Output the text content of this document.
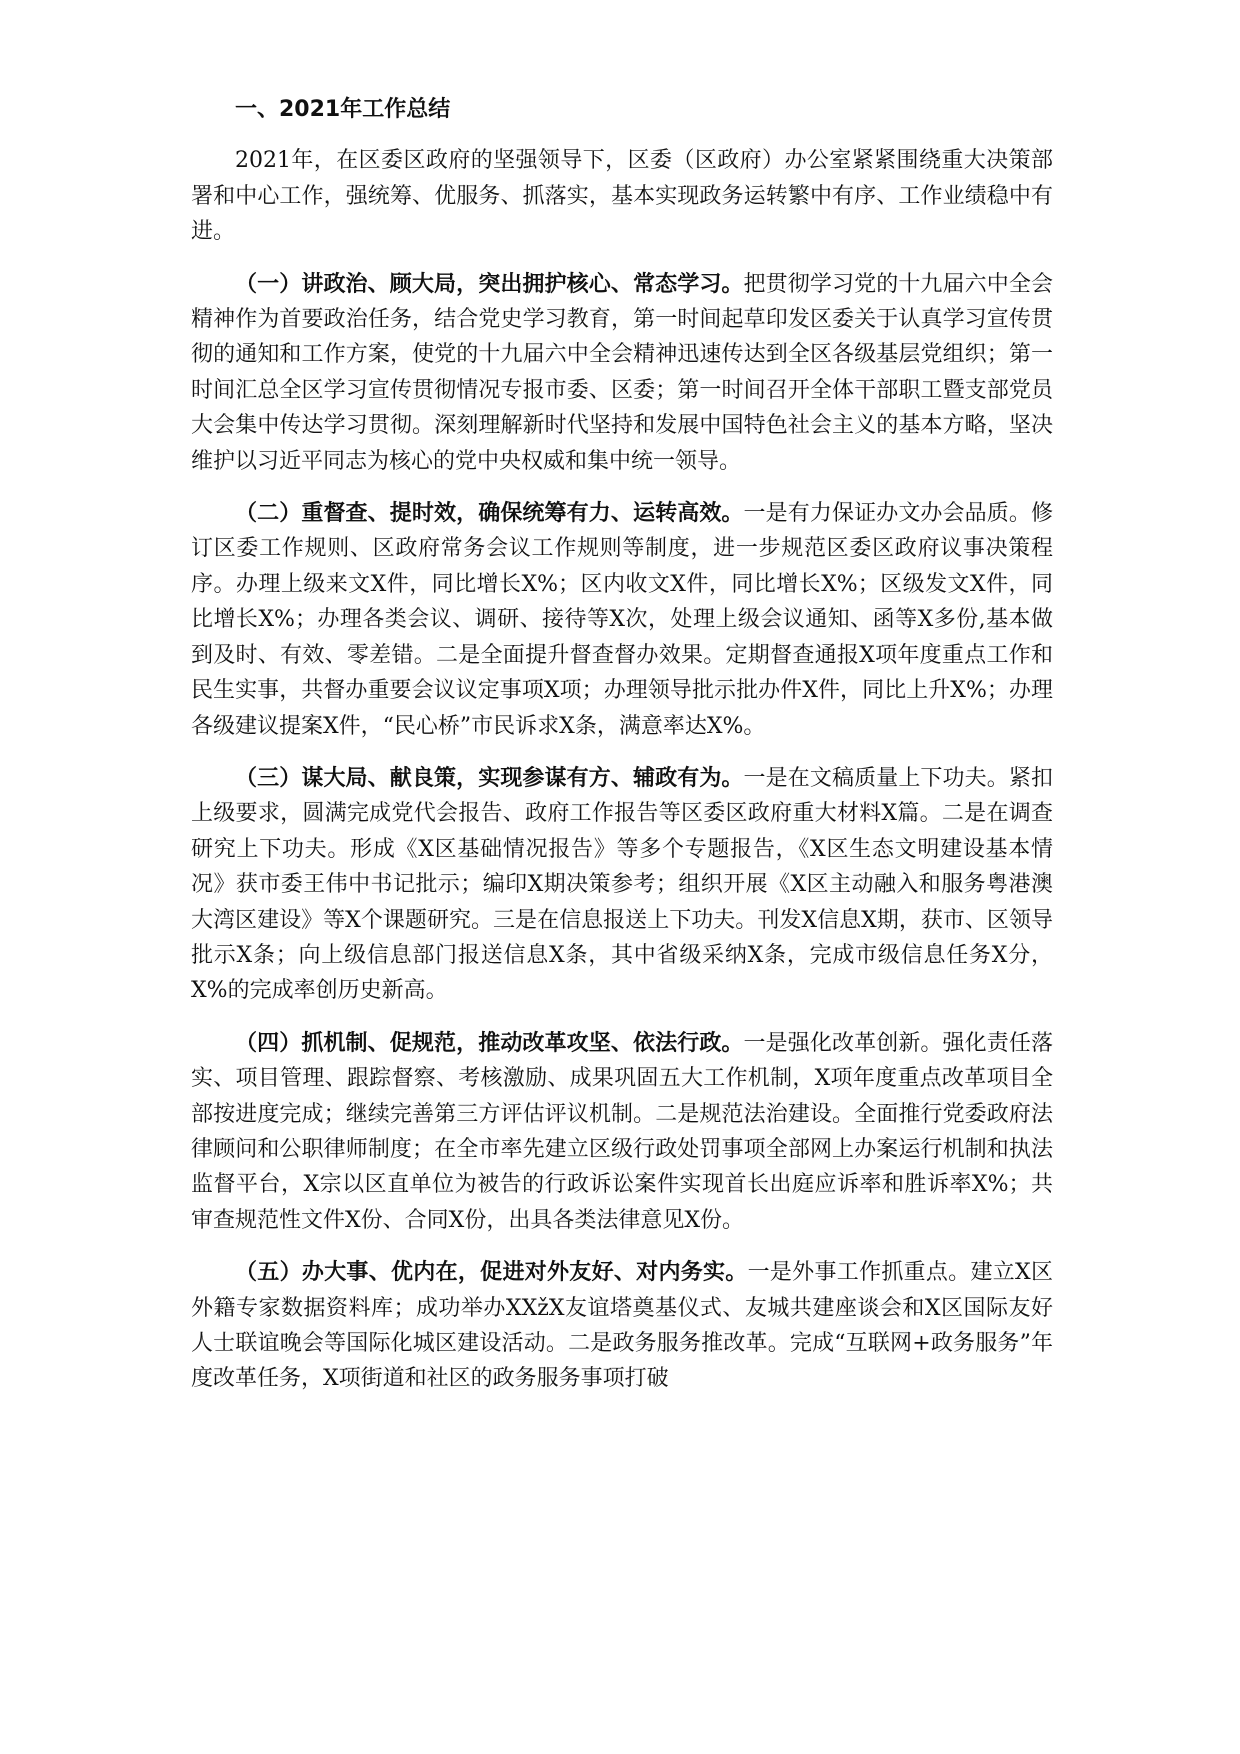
一、2021年工作总结

2021年，在区委区政府的坚强领导下，区委（区政府）办公室紧紧围绕重大决策部署和中心工作，强统筹、优服务、抓落实，基本实现政务运转繁中有序、工作业绩稳中有进。

（一）讲政治、顾大局，突出拥护核心、常态学习。把贯彻学习党的十九届六中全会精神作为首要政治任务，结合党史学习教育，第一时间起草印发区委关于认真学习宣传贯彻的通知和工作方案，使党的十九届六中全会精神迅速传达到全区各级基层党组织；第一时间汇总全区学习宣传贯彻情况专报市委、区委；第一时间召开全体干部职工暨支部党员大会集中传达学习贯彻。深刻理解新时代坚持和发展中国特色社会主义的基本方略，坚决维护以习近平同志为核心的党中央权威和集中统一领导。

（二）重督查、提时效，确保统筹有力、运转高效。一是有力保证办文办会品质。修订区委工作规则、区政府常务会议工作规则等制度，进一步规范区委区政府议事决策程序。办理上级来文X件，同比增长X%；区内收文X件，同比增长X%；区级发文X件，同比增长X%；办理各类会议、调研、接待等X次，处理上级会议通知、函等X多份,基本做到及时、有效、零差错。二是全面提升督查督办效果。定期督查通报X项年度重点工作和民生实事，共督办重要会议议定事项X项；办理领导批示批办件X件，同比上升X%；办理各级建议提案X件，“民心桥”市民诉求X条，满意率达X%。

（三）谋大局、献良策，实现参谋有方、辅政有为。一是在文稿质量上下功夫。紧扣上级要求，圆满完成党代会报告、政府工作报告等区委区政府重大材料X篇。二是在调查研究上下功夫。形成《X区基础情况报告》等多个专题报告，《X区生态文明建设基本情况》获市委王伟中书记批示；编印X期决策参考；组织开展《X区主动融入和服务粤港澳大湾区建设》等X个课题研究。三是在信息报送上下功夫。刊发X信息X期，获市、区领导批示X条；向上级信息部门报送信息X条，其中省级采纳X条，完成市级信息任务X分，X%的完成率创历史新高。

（四）抓机制、促规范，推动改革攻坚、依法行政。一是强化改革创新。强化责任落实、项目管理、跟踪督察、考核激励、成果巩固五大工作机制，X项年度重点改革项目全部按进度完成；继续完善第三方评估评议机制。二是规范法治建设。全面推行党委政府法律顾问和公职律师制度；在全市率先建立区级行政处罚事项全部网上办案运行机制和执法监督平台，X宗以区直单位为被告的行政诉讼案件实现首长出庭应诉率和胜诉率X%；共审查规范性文件X份、合同X份，出具各类法律意见X份。

（五）办大事、优内在，促进对外友好、对内务实。一是外事工作抓重点。建立X区外籍专家数据资料库；成功举办XXžX友谊塔奠基仪式、友城共建座谈会和X区国际友好人士联谊晚会等国际化城区建设活动。二是政务服务推改革。完成“互联网+政务服务”年度改革任务，X项街道和社区的政务服务事项打破
